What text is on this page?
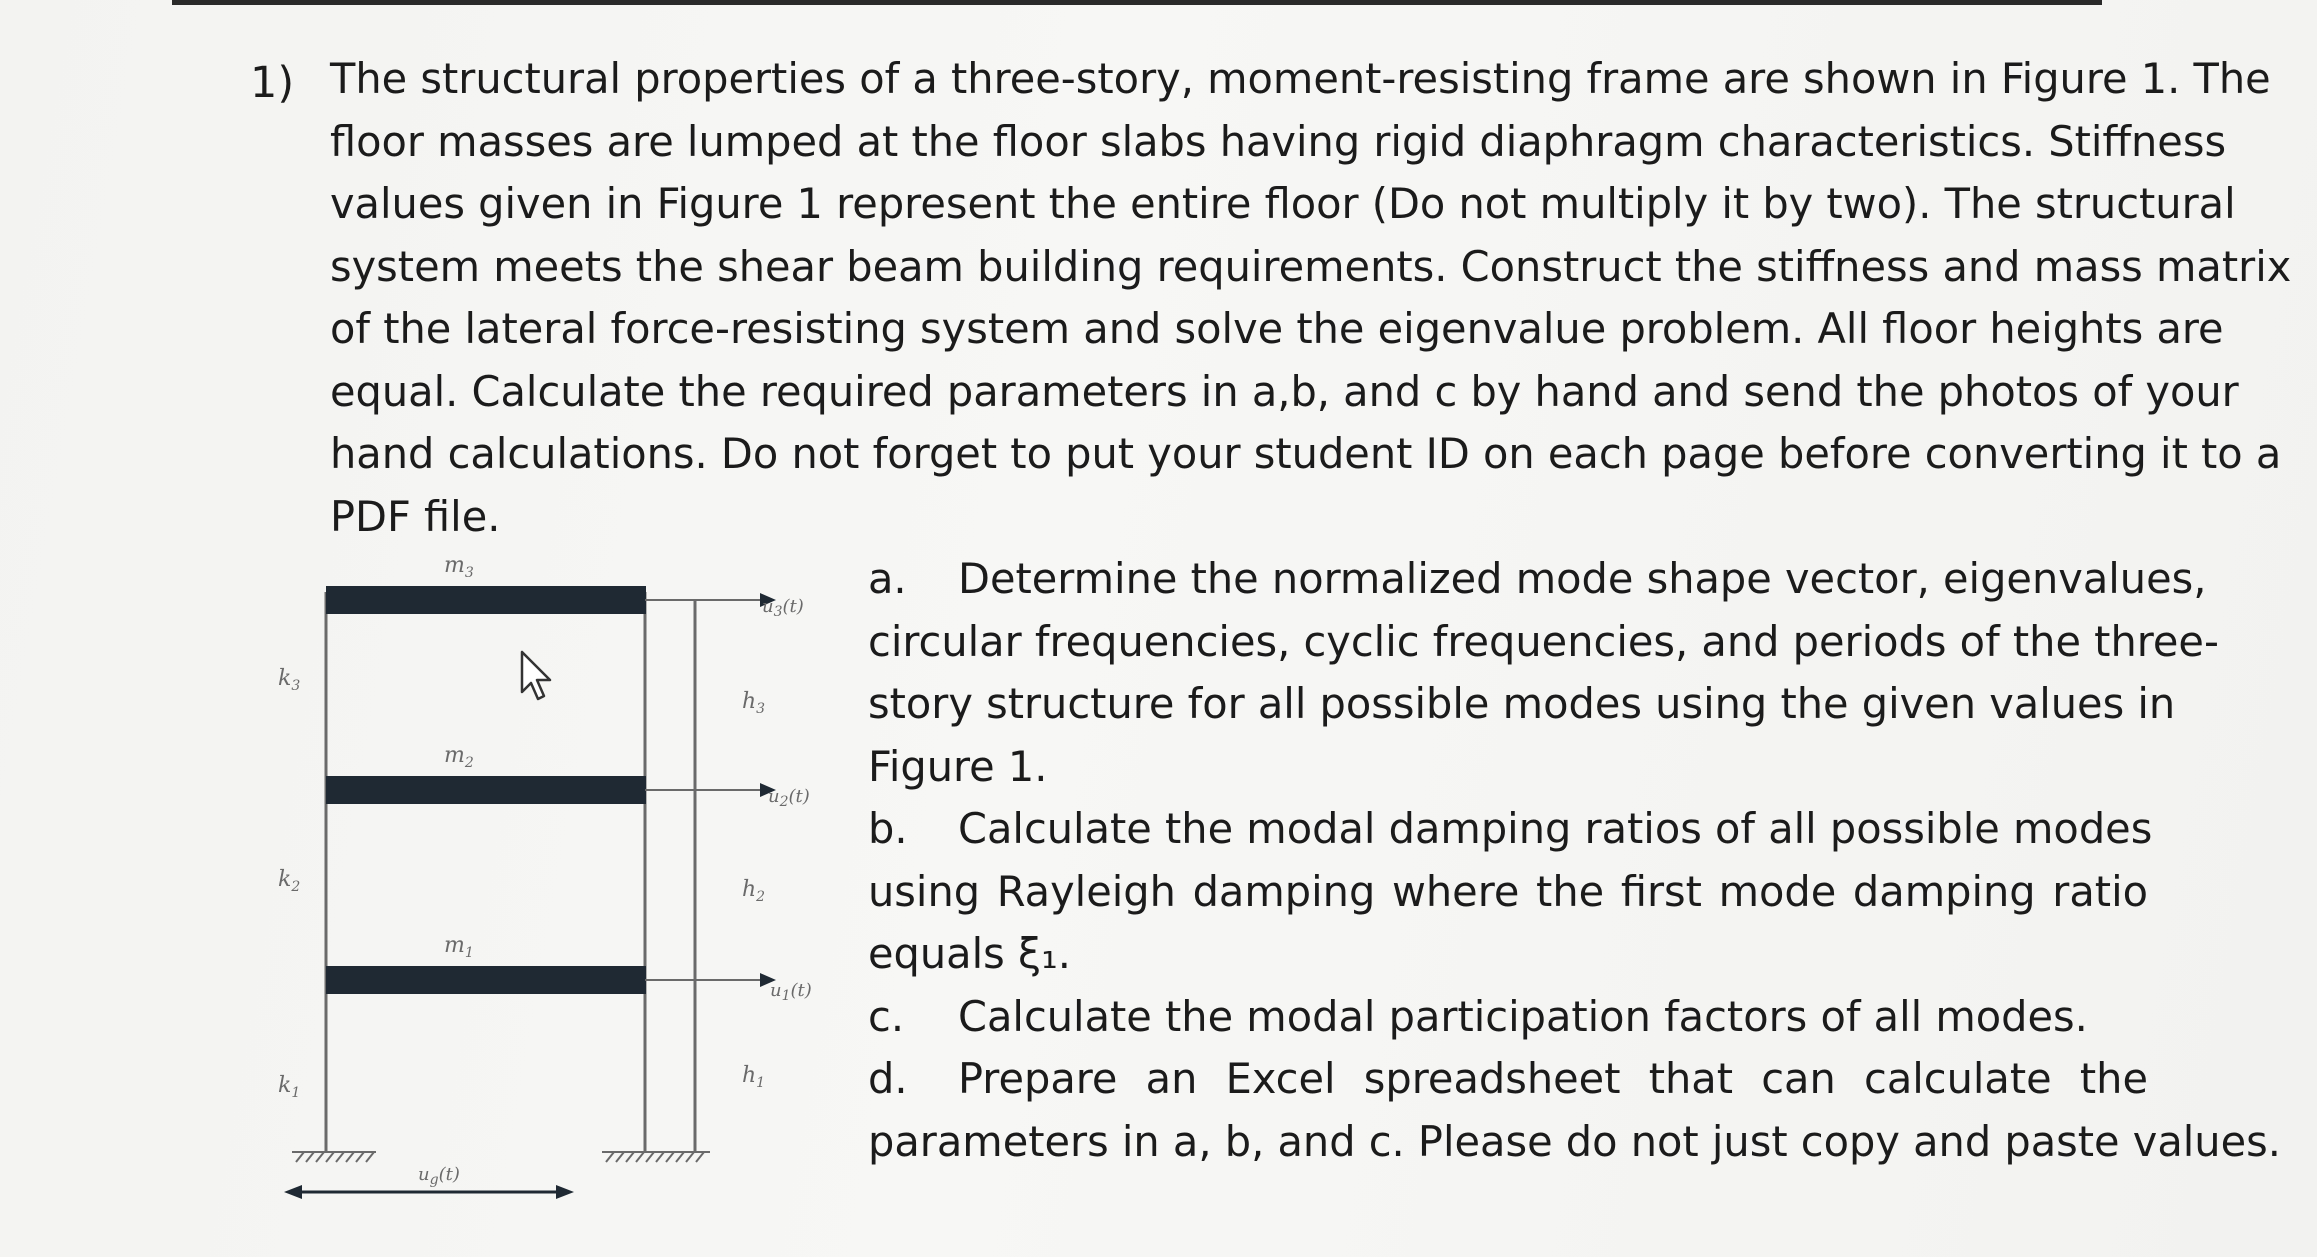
1) The structural properties of a three-story, moment-resisting frame are shown in Figure 1. The
floor masses are lumped at the floor slabs having rigid diaphragm characteristics. Stiffness
values given in Figure 1 represent the entire floor (Do not multiply it by two). The structural
system meets the shear beam building requirements. Construct the stiffness and mass matrix
of the lateral force-resisting system and solve the eigenvalue problem. All floor heights are
equal. Calculate the required parameters in a,b, and c by hand and send the photos of your
hand calculations. Do not forget to put your student ID on each page before converting it to a
PDF file.
$m_3$
$m_2$
$m_1$
$k_3$
$k_2$
$k_1$
$h_3$
$h_2$
$h_1$
$u_3(t)$
$u_2(t)$
$u_1(t)$
$u_g(t)$
a. Determine the normalized mode shape vector, eigenvalues,
circular frequencies, cyclic frequencies, and periods of the three-
story structure for all possible modes using the given values in
Figure 1.
b. Calculate the modal damping ratios of all possible modes
using Rayleigh damping where the first mode damping ratio
equals ξ₁.
c. Calculate the modal participation factors of all modes.
d. Prepare an Excel spreadsheet that can calculate the
parameters in a, b, and c. Please do not just copy and paste values.
